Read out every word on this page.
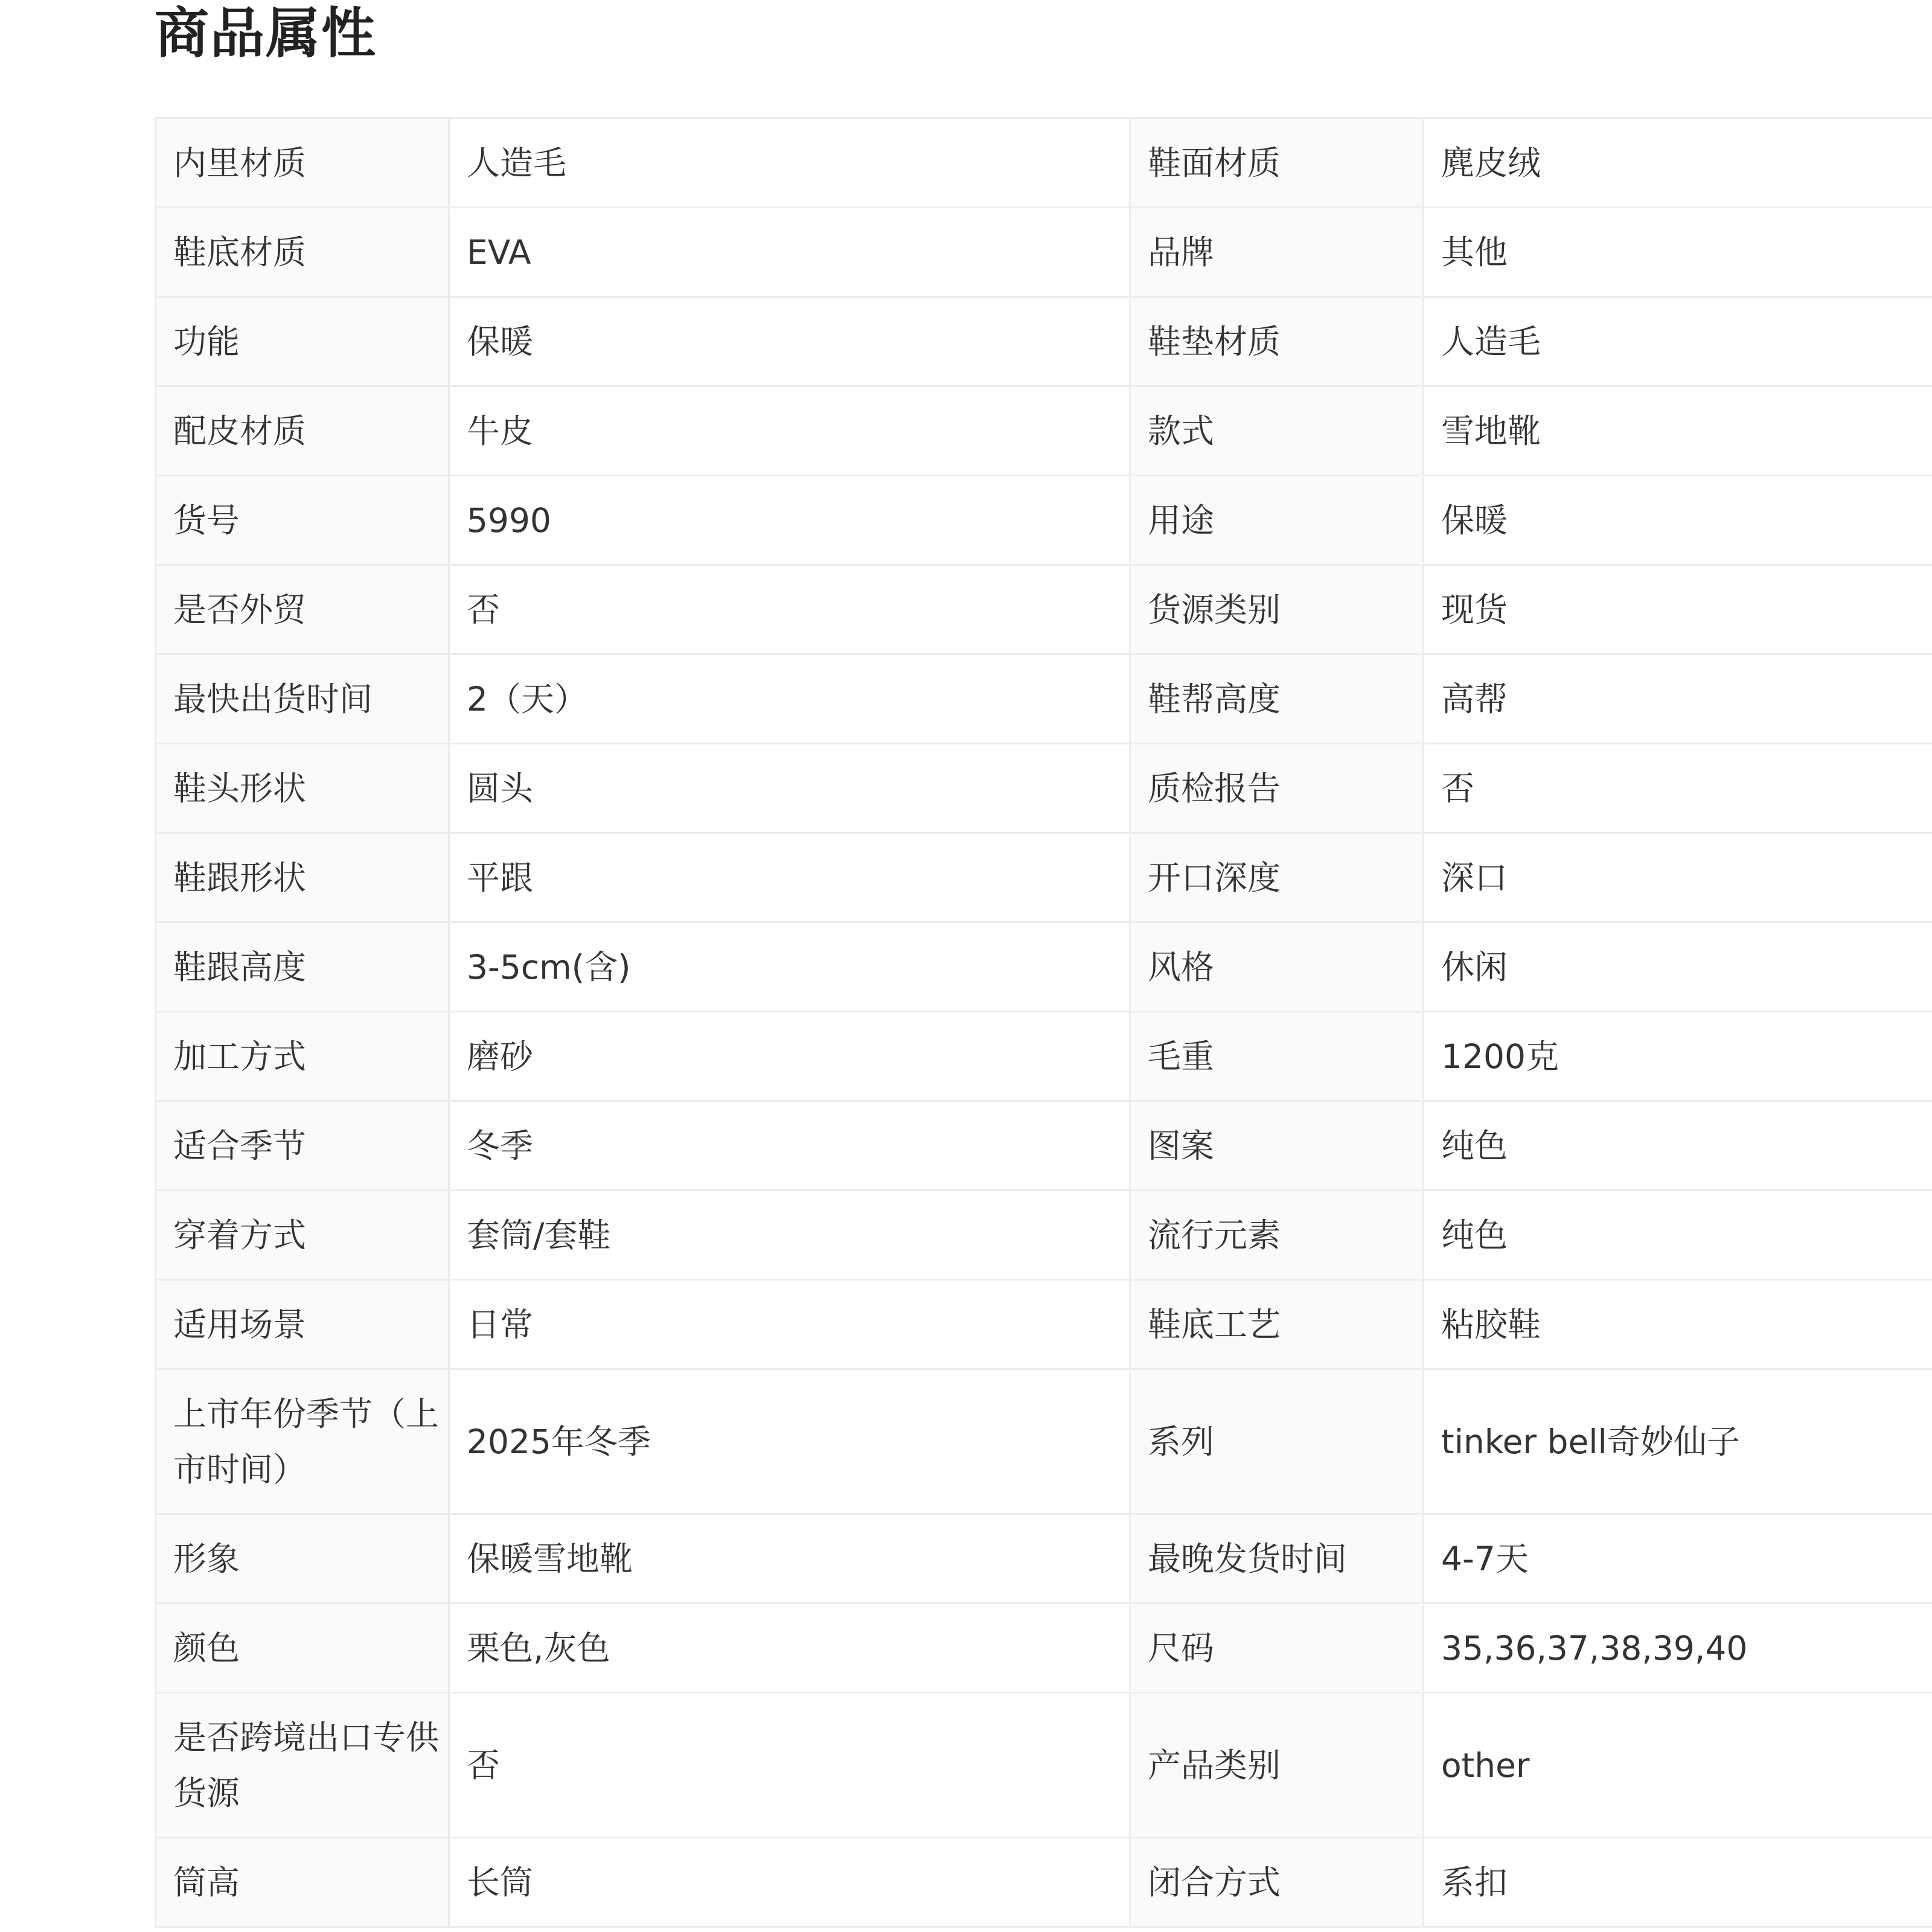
商品属性
内里材质	人造毛	鞋面材质	麂皮绒
鞋底材质	EVA	品牌	其他
功能	保暖	鞋垫材质	人造毛
配皮材质	牛皮	款式	雪地靴
货号	5990	用途	保暖
是否外贸	否	货源类别	现货
最快出货时间	2（天）	鞋帮高度	高帮
鞋头形状	圆头	质检报告	否
鞋跟形状	平跟	开口深度	深口
鞋跟高度	3-5cm(含)	风格	休闲
加工方式	磨砂	毛重	1200克
适合季节	冬季	图案	纯色
穿着方式	套筒/套鞋	流行元素	纯色
适用场景	日常	鞋底工艺	粘胶鞋
上市年份季节（上市时间）	2025年冬季	系列	tinker bell奇妙仙子
形象	保暖雪地靴	最晚发货时间	4-7天
颜色	栗色,灰色	尺码	35,36,37,38,39,40
是否跨境出口专供货源	否	产品类别	other
筒高	长筒	闭合方式	系扣
